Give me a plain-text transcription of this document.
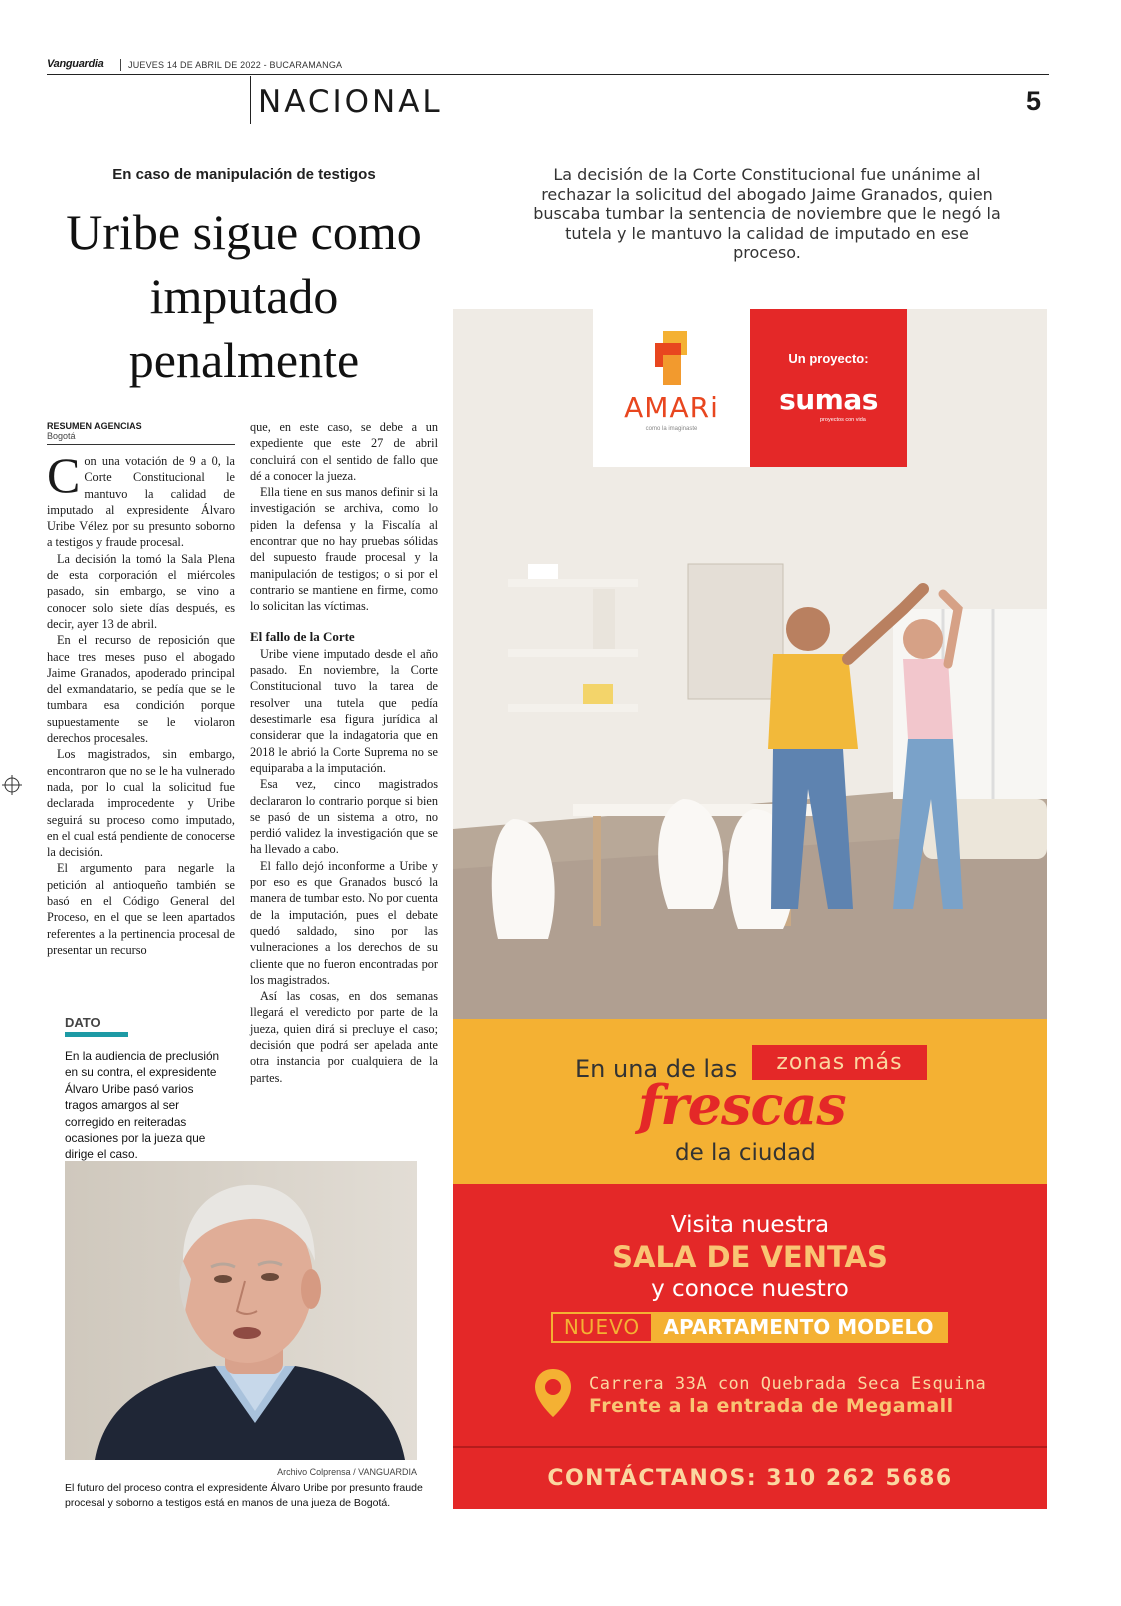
Vanguardia	JUEVES 14 DE ABRIL DE 2022 - BUCARAMANGA
NACIONAL	5
En caso de manipulación de testigos
Uribe sigue como imputado penalmente
RESUMEN AGENCIAS
Bogotá

Con una votación de 9 a 0, la Corte Constitucional le mantuvo la calidad de imputado al expresidente Álvaro Uribe Vélez por su presunto soborno a testigos y fraude procesal.

La decisión la tomó la Sala Plena de esta corporación el miércoles pasado, sin embargo, se vino a conocer solo siete días después, es decir, ayer 13 de abril.

En el recurso de reposición que hace tres meses puso el abogado Jaime Granados, apoderado principal del exmandatario, se pedía que se le tumbara esa condición porque supuestamente se le violaron derechos procesales.

Los magistrados, sin embargo, encontraron que no se le ha vulnerado nada, por lo cual la solicitud fue declarada improcedente y Uribe seguirá su proceso como imputado, en el cual está pendiente de conocerse la decisión.

El argumento para negarle la petición al antioqueño también se basó en el Código General del Proceso, en el que se leen apartados referentes a la pertinencia procesal de presentar un recurso

que, en este caso, se debe a un expediente que este 27 de abril concluirá con el sentido de fallo que dé a conocer la jueza.

Ella tiene en sus manos definir si la investigación se archiva, como lo piden la defensa y la Fiscalía al encontrar que no hay pruebas sólidas del supuesto fraude procesal y la manipulación de testigos; o si por el contrario se mantiene en firme, como lo solicitan las víctimas.

El fallo de la Corte

Uribe viene imputado desde el año pasado. En noviembre, la Corte Constitucional tuvo la tarea de resolver una tutela que pedía desestimarle esa figura jurídica al considerar que la indagatoria que en 2018 le abrió la Corte Suprema no se equiparaba a la imputación.

Esa vez, cinco magistrados declararon lo contrario porque si bien se pasó de un sistema a otro, no perdió validez la investigación que se ha llevado a cabo.

El fallo dejó inconforme a Uribe y por eso es que Granados buscó la manera de tumbar esto. No por cuenta de la imputación, pues el debate quedó saldado, sino por las vulneraciones a los derechos de su cliente que no fueron encontradas por los magistrados.

Así las cosas, en dos semanas llegará el veredicto por parte de la jueza, quien dirá si precluye el caso; decisión que podrá ser apelada ante otra instancia por cualquiera de la partes.

DATO
En la audiencia de preclusión en su contra, el expresidente Álvaro Uribe pasó varios tragos amargos al ser corregido en reiteradas ocasiones por la jueza que dirige el caso.
Archivo Colprensa / VANGUARDIA
El futuro del proceso contra el expresidente Álvaro Uribe por presunto fraude procesal y soborno a testigos está en manos de una jueza de Bogotá.
La decisión de la Corte Constitucional fue unánime al rechazar la solicitud del abogado Jaime Granados, quien buscaba tumbar la sentencia de noviembre que le negó la tutela y le mantuvo la calidad de imputado en ese proceso.
AMARi
como la imaginaste
Un proyecto:
sumas
proyectos con vida
En una de las	zonas más
frescas
de la ciudad
Visita nuestra
SALA DE VENTAS
y conoce nuestro
NUEVO	APARTAMENTO MODELO
Carrera 33A con Quebrada Seca Esquina
Frente a la entrada de Megamall
CONTÁCTANOS: 310 262 5686
